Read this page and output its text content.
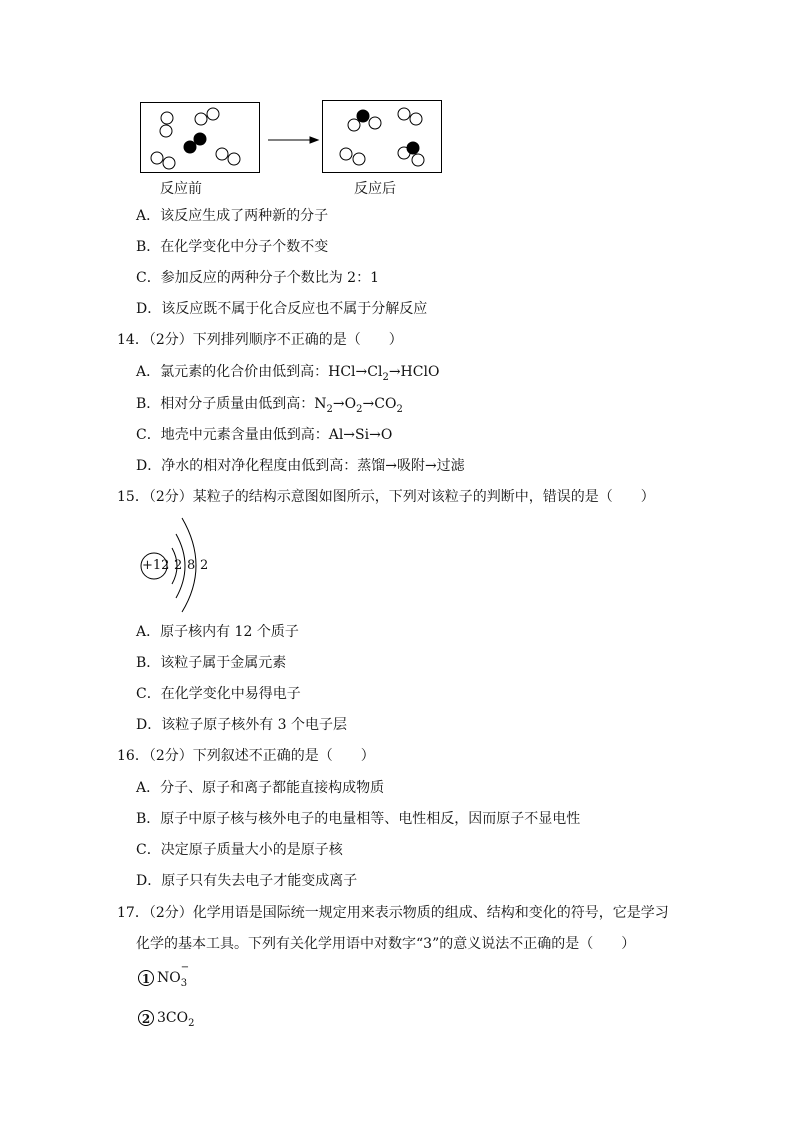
反应前	反应后
A．该反应生成了两种新的分子
B．在化学变化中分子个数不变
C．参加反应的两种分子个数比为 2：1
D．该反应既不属于化合反应也不属于分解反应
14．（2分）下列排列顺序不正确的是（　　）
A．氯元素的化合价由低到高：$HCl\to Cl_2\to HClO$
B．相对分子质量由低到高：$N_2\to O_2\to CO_2$
C．地壳中元素含量由低到高：Al→Si→O
D．净水的相对净化程度由低到高：蒸馏→吸附→过滤
15．（2分）某粒子的结构示意图如图所示，下列对该粒子的判断中，错误的是（　　）
+12 2 8 2
A．原子核内有 12 个质子
B．该粒子属于金属元素
C．在化学变化中易得电子
D．该粒子原子核外有 3 个电子层
16．（2分）下列叙述不正确的是（　　）
A．分子、原子和离子都能直接构成物质
B．原子中原子核与核外电子的电量相等、电性相反，因而原子不显电性
C．决定原子质量大小的是原子核
D．原子只有失去电子才能变成离子
17．（2分）化学用语是国际统一规定用来表示物质的组成、结构和变化的符号，它是学习
化学的基本工具。下列有关化学用语中对数字“3”的意义说法不正确的是（　　）
1 NO
−
3
2 $3CO_2$
